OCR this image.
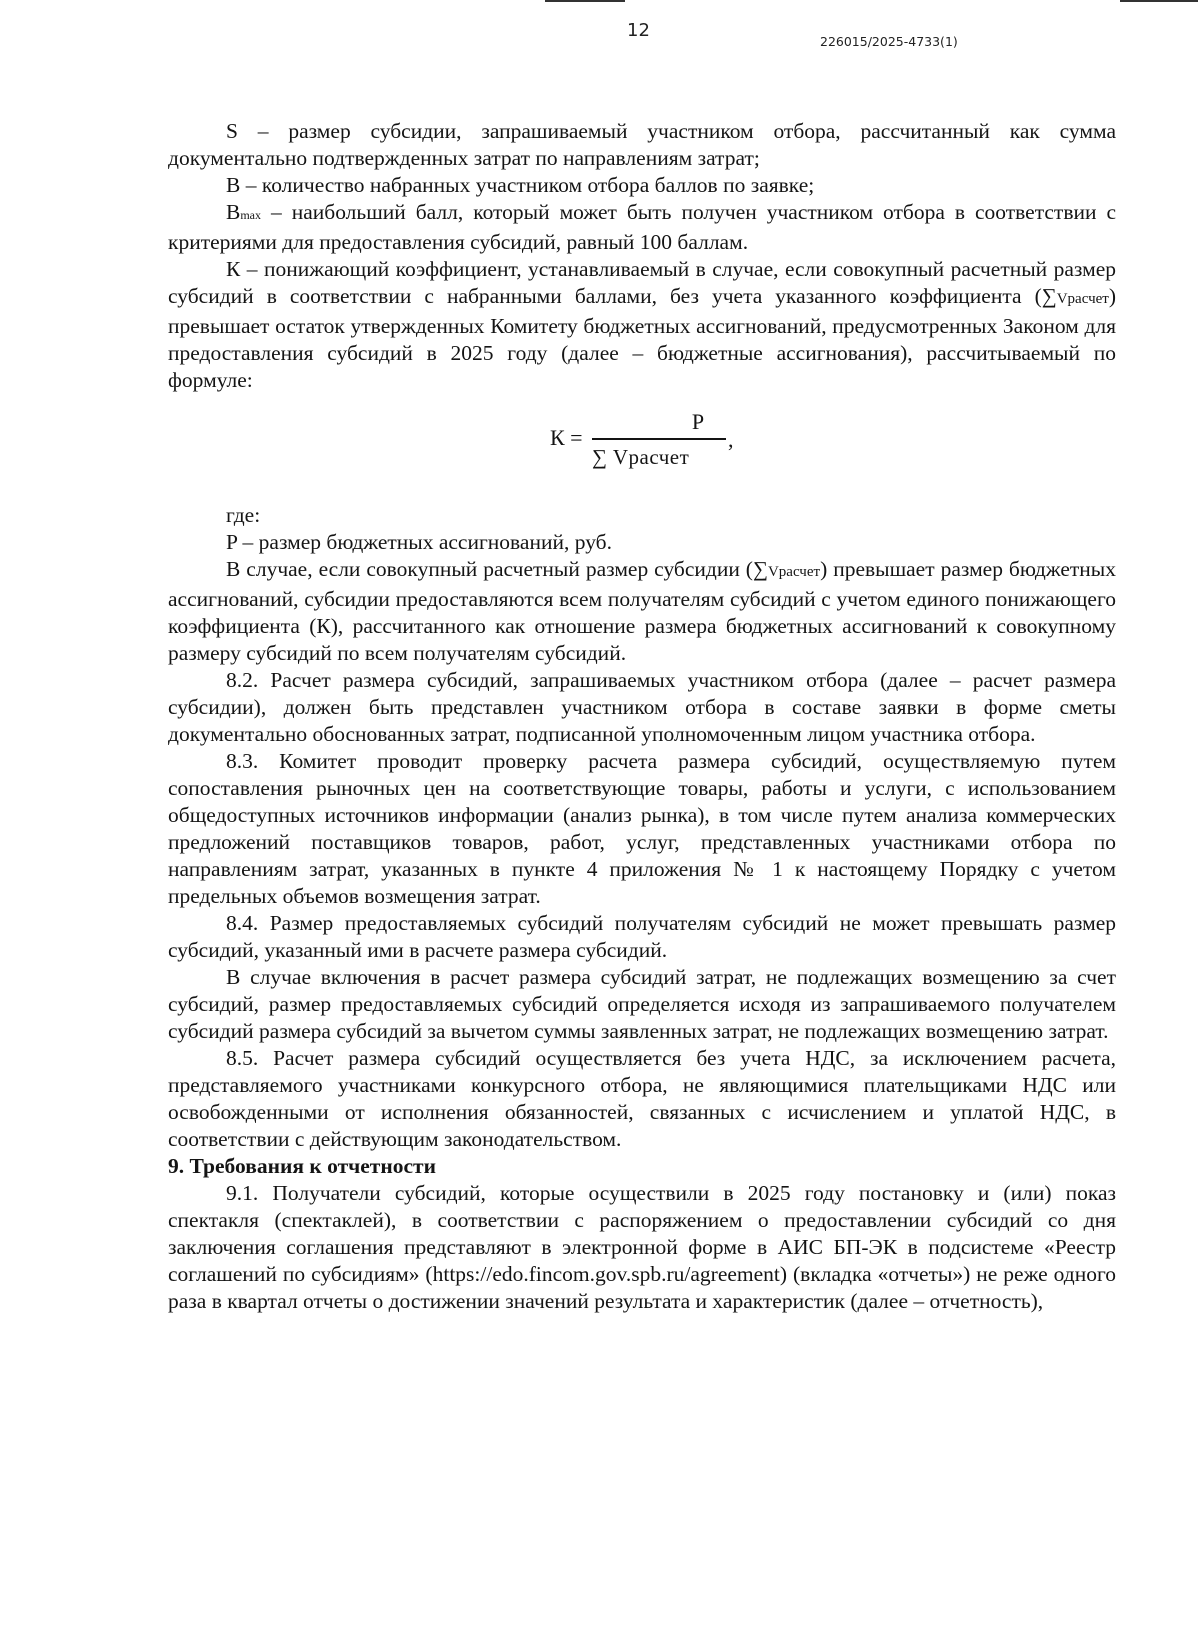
12
226015/2025-4733(1)

S – размер субсидии, запрашиваемый участником отбора, рассчитанный как сумма документально подтвержденных затрат по направлениям затрат;

B – количество набранных участником отбора баллов по заявке;

Bmax – наибольший балл, который может быть получен участником отбора в соответствии с критериями для предоставления субсидий, равный 100 баллам.

К – понижающий коэффициент, устанавливаемый в случае, если совокупный расчетный размер субсидий в соответствии с набранными баллами, без учета указанного коэффициента (∑Vрасчет) превышает остаток утвержденных Комитету бюджетных ассигнований, предусмотренных Законом для предоставления субсидий в 2025 году (далее – бюджетные ассигнования), рассчитываемый по формуле:

К =
P
∑ Vрасчет
,

где:

P – размер бюджетных ассигнований, руб.

В случае, если совокупный расчетный размер субсидии (∑Vрасчет) превышает размер бюджетных ассигнований, субсидии предоставляются всем получателям субсидий с учетом единого понижающего коэффициента (К), рассчитанного как отношение размера бюджетных ассигнований к совокупному размеру субсидий по всем получателям субсидий.

8.2. Расчет размера субсидий, запрашиваемых участником отбора (далее – расчет размера субсидии), должен быть представлен участником отбора в составе заявки в форме сметы документально обоснованных затрат, подписанной уполномоченным лицом участника отбора.

8.3. Комитет проводит проверку расчета размера субсидий, осуществляемую путем сопоставления рыночных цен на соответствующие товары, работы и услуги, с использованием общедоступных источников информации (анализ рынка), в том числе путем анализа коммерческих предложений поставщиков товаров, работ, услуг, представленных участниками отбора по направлениям затрат, указанных в пункте 4 приложения № 1 к настоящему Порядку с учетом предельных объемов возмещения затрат.

8.4. Размер предоставляемых субсидий получателям субсидий не может превышать размер субсидий, указанный ими в расчете размера субсидий.

В случае включения в расчет размера субсидий затрат, не подлежащих возмещению за счет субсидий, размер предоставляемых субсидий определяется исходя из запрашиваемого получателем субсидий размера субсидий за вычетом суммы заявленных затрат, не подлежащих возмещению затрат.

8.5. Расчет размера субсидий осуществляется без учета НДС, за исключением расчета, представляемого участниками конкурсного отбора, не являющимися плательщиками НДС или освобожденными от исполнения обязанностей, связанных с исчислением и уплатой НДС, в соответствии с действующим законодательством.

9. Требования к отчетности

9.1. Получатели субсидий, которые осуществили в 2025 году постановку и (или) показ спектакля (спектаклей), в соответствии с распоряжением о предоставлении субсидий со дня заключения соглашения представляют в электронной форме в АИС БП-ЭК в подсистеме «Реестр соглашений по субсидиям» (https://edo.fincom.gov.spb.ru/agreement) (вкладка «отчеты») не реже одного раза в квартал отчеты о достижении значений результата и характеристик (далее – отчетность),
